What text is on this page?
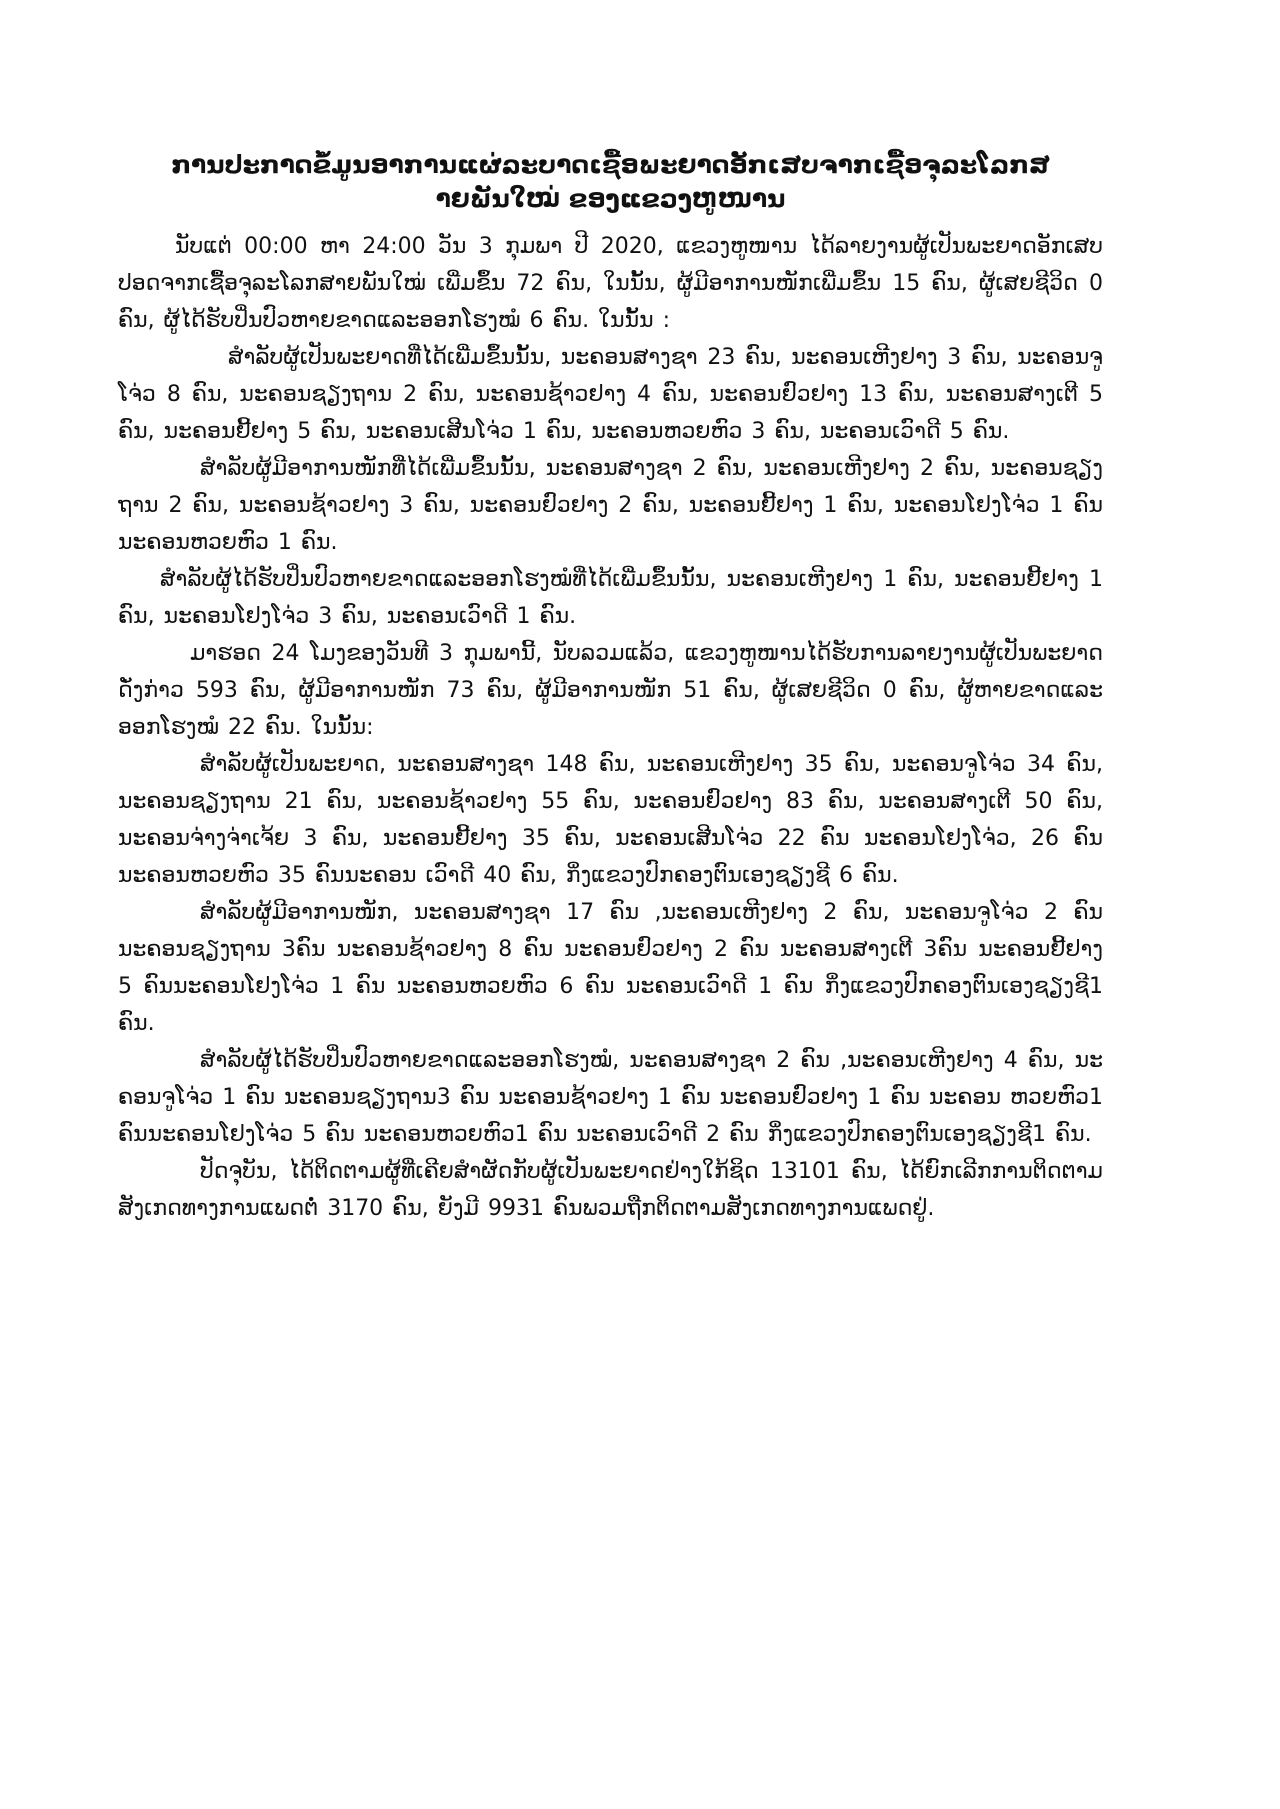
ການປະກາດຂໍ້ມູນອາການແຜ່ລະບາດເຊື້ອພະຍາດອັກເສບຈາກເຊື້ອຈຸລະໂລກສ
າຍພັນໃໝ່ ຂອງແຂວງຫູໜານ

ນັບແຕ່ 00:00 ຫາ 24:00 ວັນ 3 ກຸມພາ ປີ 2020, ແຂວງຫູໜານ ໄດ້ລາຍງານຜູ້ເປັນພະຍາດອັກເສບປອດຈາກເຊື້ອຈຸລະໂລກສາຍພັນໃໝ່ ເພີ່ມຂຶ້ນ 72 ຄົນ, ໃນນັ້ນ, ຜູ້ມີອາການໜັກເພີ່ມຂຶ້ນ 15 ຄົນ, ຜູ້ເສຍຊີວິດ 0 ຄົນ, ຜູ້ໄດ້ຮັບປິ່ນປົວຫາຍຂາດແລະອອກໂຮງໝໍ 6 ຄົນ. ໃນນັ້ນ :

ສຳລັບຜູ້ເປັນພະຍາດທີ່ໄດ້ເພີ່ມຂຶ້ນນັ້ນ, ນະຄອນສາງຊາ 23 ຄົນ, ນະຄອນເຫີງຢາງ 3 ຄົນ, ນະຄອນຈູໂຈ່ວ 8 ຄົນ, ນະຄອນຊຽງຖານ 2 ຄົນ, ນະຄອນຊ້າວຢາງ 4 ຄົນ, ນະຄອນຢົວຢາງ 13 ຄົນ, ນະຄອນສາງເຕີ 5 ຄົນ, ນະຄອນຢີ້ຢາງ 5 ຄົນ, ນະຄອນເສີນໂຈ່ວ 1 ຄົນ, ນະຄອນຫວຍຫົວ 3 ຄົນ, ນະຄອນເວົາດີ 5 ຄົນ.

ສຳລັບຜູ້ມີອາການໜັກທີ່ໄດ້ເພີ່ມຂຶ້ນນັ້ນ, ນະຄອນສາງຊາ 2 ຄົນ, ນະຄອນເຫີງຢາງ 2 ຄົນ, ນະຄອນຊຽງຖານ 2 ຄົນ, ນະຄອນຊ້າວຢາງ 3 ຄົນ, ນະຄອນຢົວຢາງ 2 ຄົນ, ນະຄອນຢີ້ຢາງ 1 ຄົນ, ນະຄອນໂຢງໂຈ່ວ 1 ຄົນ ນະຄອນຫວຍຫົວ 1 ຄົນ.

ສຳລັບຜູ້ໄດ້ຮັບປິ່ນປົວຫາຍຂາດແລະອອກໂຮງໝໍທີ່ໄດ້ເພີ່ມຂຶ້ນນັ້ນ, ນະຄອນເຫີງຢາງ 1 ຄົນ, ນະຄອນຢີ້ຢາງ 1 ຄົນ, ນະຄອນໂຢງໂຈ່ວ 3 ຄົນ, ນະຄອນເວົາດີ 1 ຄົນ.

ມາຮອດ 24 ໂມງຂອງວັນທີ 3 ກຸມພານີ້, ນັບລວມແລ້ວ, ແຂວງຫູໜານໄດ້ຮັບການລາຍງານຜູ້ເປັນພະຍາດດັ່ງກ່າວ 593 ຄົນ, ຜູ້ມີອາການໜັກ 73 ຄົນ, ຜູ້ມີອາການໜັກ 51 ຄົນ, ຜູ້ເສຍຊີວິດ 0 ຄົນ, ຜູ້ຫາຍຂາດແລະອອກໂຮງໝໍ 22 ຄົນ. ໃນນັ້ນ:

ສຳລັບຜູ້ເປັນພະຍາດ, ນະຄອນສາງຊາ 148 ຄົນ, ນະຄອນເຫີງຢາງ 35 ຄົນ, ນະຄອນຈູໂຈ່ວ 34 ຄົນ, ນະຄອນຊຽງຖານ 21 ຄົນ, ນະຄອນຊ້າວຢາງ 55 ຄົນ, ນະຄອນຢົວຢາງ 83 ຄົນ, ນະຄອນສາງເຕີ 50 ຄົນ, ນະຄອນຈ່າງຈ່າເຈ້ຍ 3 ຄົນ, ນະຄອນຢີ້ຢາງ 35 ຄົນ, ນະຄອນເສີນໂຈ່ວ 22 ຄົນ ນະຄອນໂຢງໂຈ່ວ, 26 ຄົນ ນະຄອນຫວຍຫົວ 35 ຄົນນະຄອນ ເວົາດີ 40 ຄົນ, ກິ່ງແຂວງປົກຄອງຕົນເອງຊຽງຊີ 6 ຄົນ.

ສຳລັບຜູ້ມີອາການໜັກ, ນະຄອນສາງຊາ 17 ຄົນ ,ນະຄອນເຫີງຢາງ 2 ຄົນ, ນະຄອນຈູໂຈ່ວ 2 ຄົນນະຄອນຊຽງຖານ 3ຄົນ ນະຄອນຊ້າວຢາງ 8 ຄົນ ນະຄອນຢົວຢາງ 2 ຄົນ ນະຄອນສາງເຕີ 3ຄົນ ນະຄອນຢີ້ຢາງ 5 ຄົນນະຄອນໂຢງໂຈ່ວ 1 ຄົນ ນະຄອນຫວຍຫົວ 6 ຄົນ ນະຄອນເວົາດີ 1 ຄົນ ກິ່ງແຂວງປົກຄອງຕົນເອງຊຽງຊີ1 ຄົນ.

ສຳລັບຜູ້ໄດ້ຮັບປິ່ນປົວຫາຍຂາດແລະອອກໂຮງໝໍ, ນະຄອນສາງຊາ 2 ຄົນ ,ນະຄອນເຫີງຢາງ 4 ຄົນ, ນະຄອນຈູໂຈ່ວ 1 ຄົນ ນະຄອນຊຽງຖານ3 ຄົນ ນະຄອນຊ້າວຢາງ 1 ຄົນ ນະຄອນຢົວຢາງ 1 ຄົນ ນະຄອນ ຫວຍຫົວ1 ຄົນນະຄອນໂຢງໂຈ່ວ 5 ຄົນ ນະຄອນຫວຍຫົວ1 ຄົນ ນະຄອນເວົາດີ 2 ຄົນ ກິ່ງແຂວງປົກຄອງຕົນເອງຊຽງຊີ1 ຄົນ.

ປັດຈຸບັນ, ໄດ້ຕິດຕາມຜູ້ທີ່ເຄີຍສຳຜັດກັບຜູ້ເປັນພະຍາດຢ່າງໃກ້ຊິດ 13101 ຄົນ, ໄດ້ຍົກເລີກການຕິດຕາມສັງເກດທາງການແພດຕໍ່ 3170 ຄົນ, ຍັງມີ 9931 ຄົນພວມຖືກຕິດຕາມສັງເກດທາງການແພດຢູ່.
